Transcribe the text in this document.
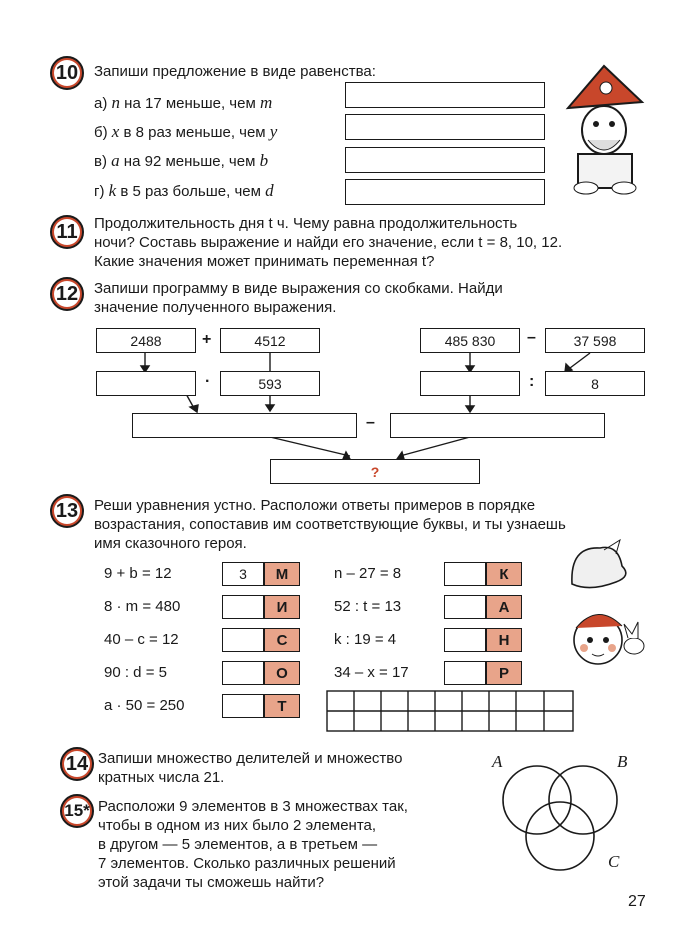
10 Запиши предложение в виде равенства:
а) n на 17 меньше, чем m
б) x в 8 раз меньше, чем y
в) a на 92 меньше, чем b
г) k в 5 раз больше, чем d
11 Продолжительность дня t ч. Чему равна продолжительность
ночи? Составь выражение и найди его значение, если t = 8, 10, 12.
Какие значения может принимать переменная t?
12 Запиши программу в виде выражения со скобками. Найди
значение полученного выражения.
2488	+	4512	485 830	–	37 598
·	593	:	8
–
?
13 Реши уравнения устно. Расположи ответы примеров в порядке
возрастания, сопоставив им соответствующие буквы, и ты узнаешь
имя сказочного героя.
9 + b = 12	3	М
8 · m = 480	И
40 – c = 12	С
90 : d = 5	О
a · 50 = 250	Т
n – 27 = 8	К
52 : t = 13	А
k : 19 = 4	Н
34 – x = 17	Р
14 Запиши множество делителей и множество
кратных числа 21.
15* Расположи 9 элементов в 3 множествах так,
чтобы в одном из них было 2 элемента,
в другом — 5 элементов, а в третьем —
7 элементов. Сколько различных решений
этой задачи ты сможешь найти?
A	B
C
27
